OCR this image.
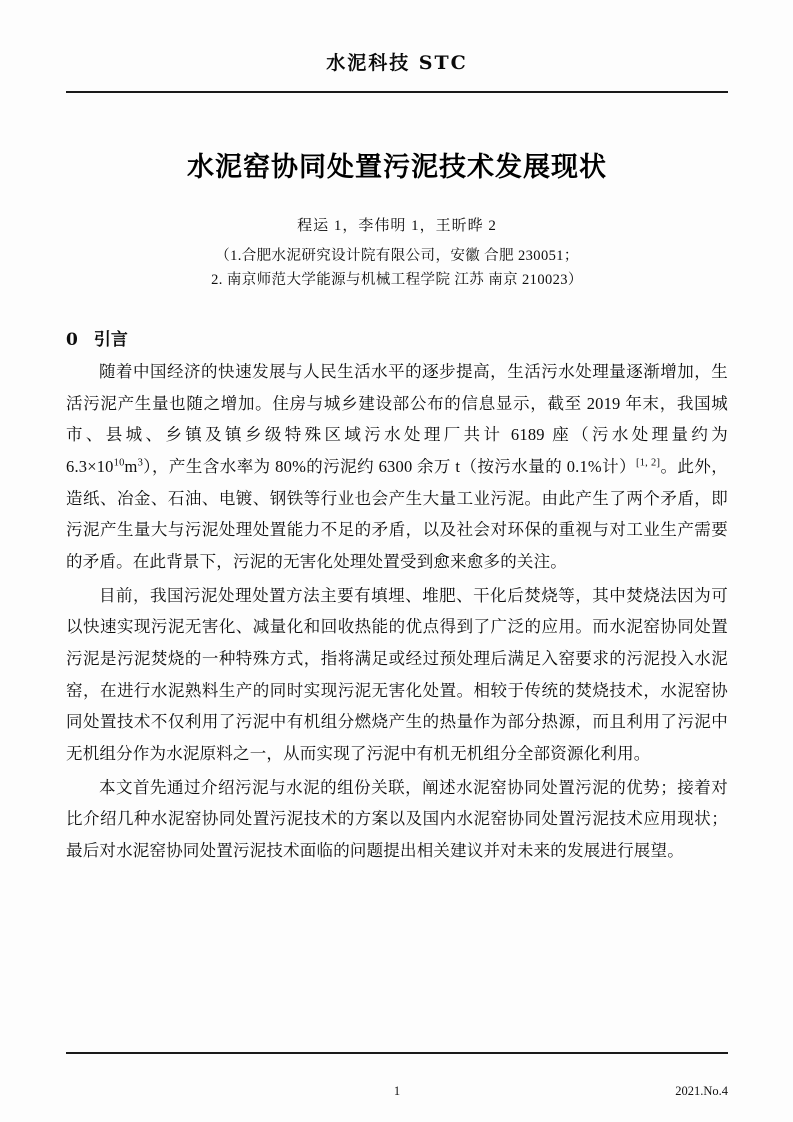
水泥科技 STC
水泥窑协同处置污泥技术发展现状
程运 1，李伟明 1，王昕晔 2
（1.合肥水泥研究设计院有限公司，安徽 合肥 230051；
2. 南京师范大学能源与机械工程学院 江苏 南京 210023）
0 引言

随着中国经济的快速发展与人民生活水平的逐步提高，生活污水处理量逐渐增加，生活污泥产生量也随之增加。住房与城乡建设部公布的信息显示，截至 2019 年末，我国城市、县城、乡镇及镇乡级特殊区域污水处理厂共计 6189 座（污水处理量约为 $6.3\times 10^{10}m^3$），产生含水率为 80%的污泥约 6300 余万 t（按污水量的 0.1%计）[1, 2]。此外，造纸、冶金、石油、电镀、钢铁等行业也会产生大量工业污泥。由此产生了两个矛盾，即污泥产生量大与污泥处理处置能力不足的矛盾，以及社会对环保的重视与对工业生产需要的矛盾。在此背景下，污泥的无害化处理处置受到愈来愈多的关注。

目前，我国污泥处理处置方法主要有填埋、堆肥、干化后焚烧等，其中焚烧法因为可以快速实现污泥无害化、减量化和回收热能的优点得到了广泛的应用。而水泥窑协同处置污泥是污泥焚烧的一种特殊方式，指将满足或经过预处理后满足入窑要求的污泥投入水泥窑，在进行水泥熟料生产的同时实现污泥无害化处置。相较于传统的焚烧技术，水泥窑协同处置技术不仅利用了污泥中有机组分燃烧产生的热量作为部分热源，而且利用了污泥中无机组分作为水泥原料之一，从而实现了污泥中有机无机组分全部资源化利用。

本文首先通过介绍污泥与水泥的组份关联，阐述水泥窑协同处置污泥的优势；接着对比介绍几种水泥窑协同处置污泥技术的方案以及国内水泥窑协同处置污泥技术应用现状；最后对水泥窑协同处置污泥技术面临的问题提出相关建议并对未来的发展进行展望。

1	2021.No.4
